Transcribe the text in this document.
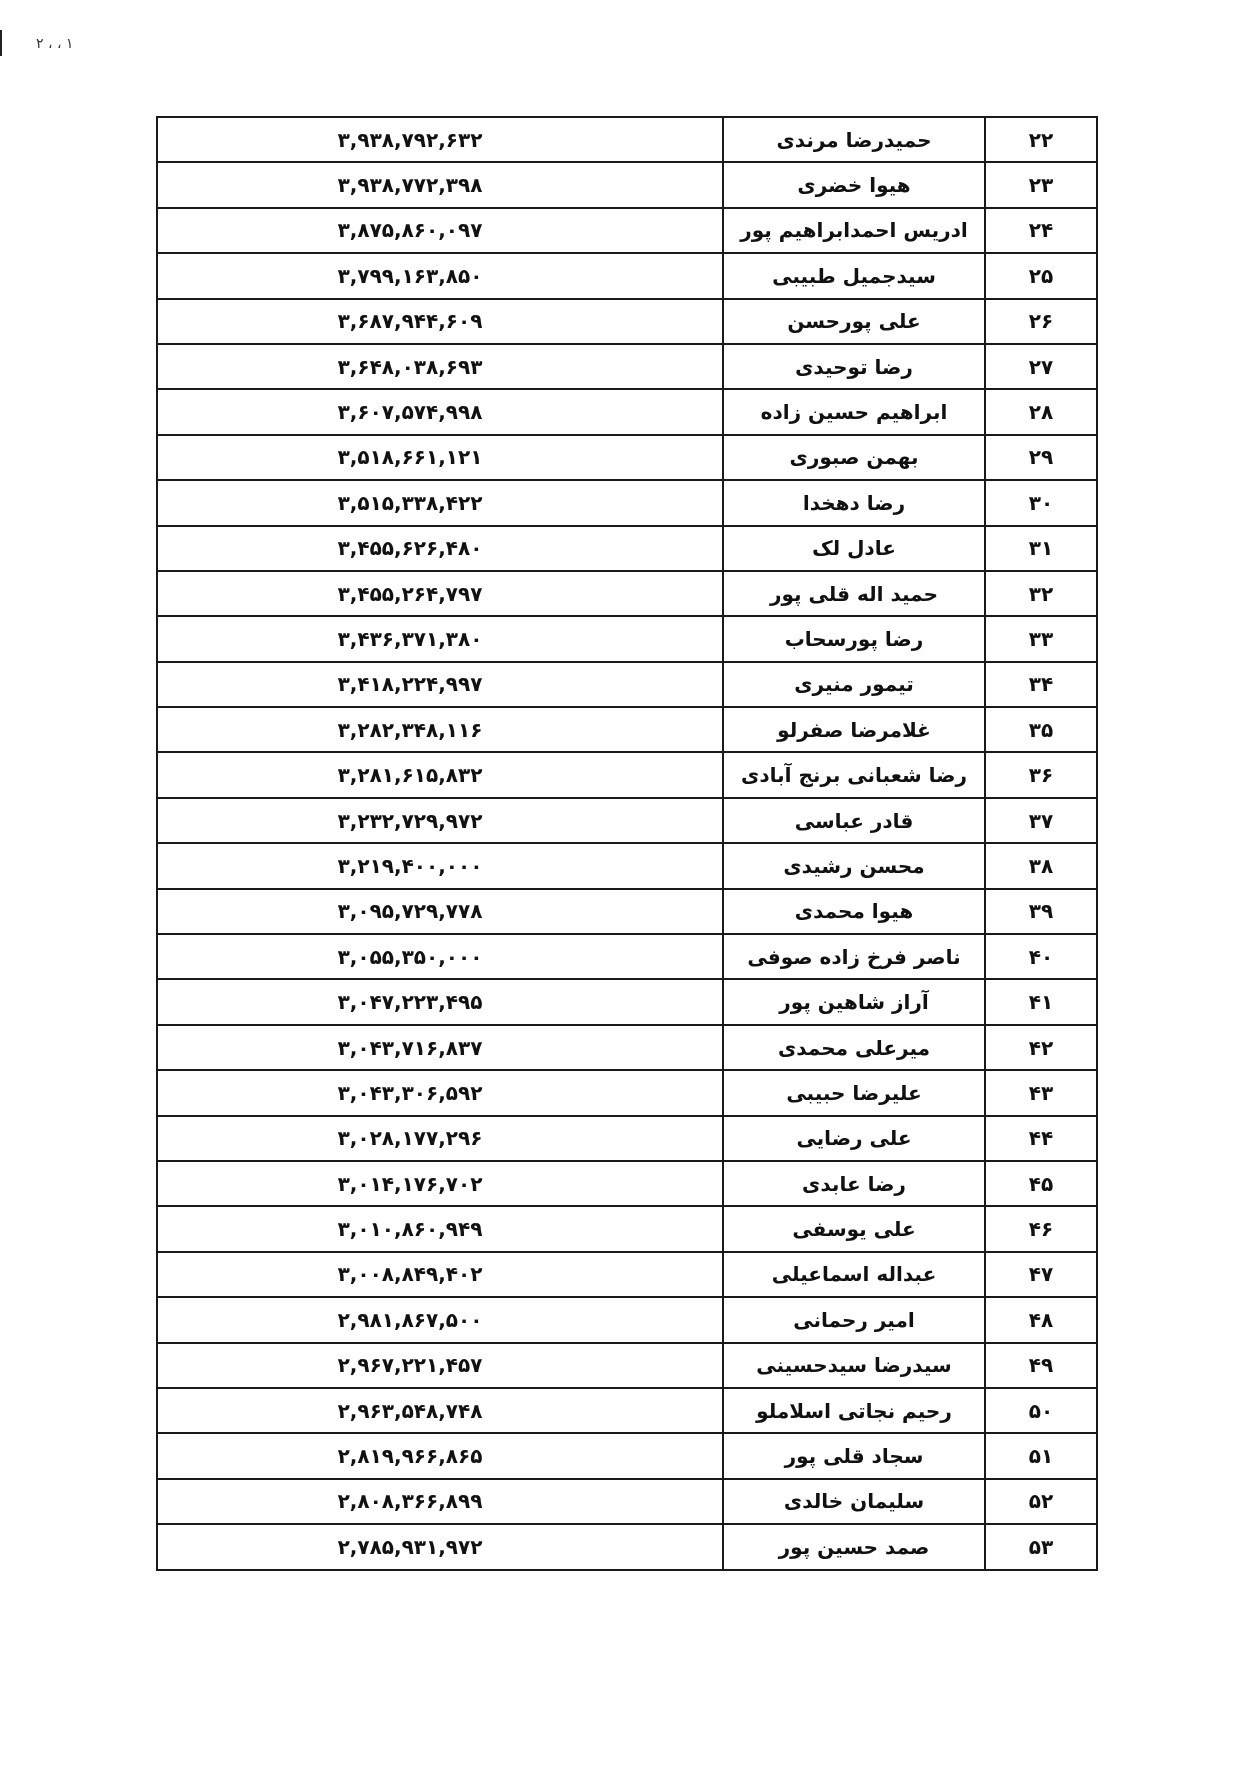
۲ ، ، ۱
۲۲	حمیدرضا مرندی	۳,۹۳۸,۷۹۲,۶۳۲
۲۳	هیوا خضری	۳,۹۳۸,۷۷۲,۳۹۸
۲۴	ادریس احمدابراهیم پور	۳,۸۷۵,۸۶۰,۰۹۷
۲۵	سیدجمیل طبیبی	۳,۷۹۹,۱۶۳,۸۵۰
۲۶	علی پورحسن	۳,۶۸۷,۹۴۴,۶۰۹
۲۷	رضا توحیدی	۳,۶۴۸,۰۳۸,۶۹۳
۲۸	ابراهیم حسین زاده	۳,۶۰۷,۵۷۴,۹۹۸
۲۹	بهمن صبوری	۳,۵۱۸,۶۶۱,۱۲۱
۳۰	رضا دهخدا	۳,۵۱۵,۳۳۸,۴۲۲
۳۱	عادل لک	۳,۴۵۵,۶۲۶,۴۸۰
۳۲	حمید اله قلی پور	۳,۴۵۵,۲۶۴,۷۹۷
۳۳	رضا پورسحاب	۳,۴۳۶,۳۷۱,۳۸۰
۳۴	تیمور منیری	۳,۴۱۸,۲۲۴,۹۹۷
۳۵	غلامرضا صفرلو	۳,۲۸۲,۳۴۸,۱۱۶
۳۶	رضا شعبانی برنج آبادی	۳,۲۸۱,۶۱۵,۸۳۲
۳۷	قادر عباسی	۳,۲۳۲,۷۲۹,۹۷۲
۳۸	محسن رشیدی	۳,۲۱۹,۴۰۰,۰۰۰
۳۹	هیوا محمدی	۳,۰۹۵,۷۲۹,۷۷۸
۴۰	ناصر فرخ زاده صوفی	۳,۰۵۵,۳۵۰,۰۰۰
۴۱	آراز شاهین پور	۳,۰۴۷,۲۲۳,۴۹۵
۴۲	میرعلی محمدی	۳,۰۴۳,۷۱۶,۸۳۷
۴۳	علیرضا حبیبی	۳,۰۴۳,۳۰۶,۵۹۲
۴۴	علی رضایی	۳,۰۲۸,۱۷۷,۲۹۶
۴۵	رضا عابدی	۳,۰۱۴,۱۷۶,۷۰۲
۴۶	علی یوسفی	۳,۰۱۰,۸۶۰,۹۴۹
۴۷	عبداله اسماعیلی	۳,۰۰۸,۸۴۹,۴۰۲
۴۸	امیر رحمانی	۲,۹۸۱,۸۶۷,۵۰۰
۴۹	سیدرضا سیدحسینی	۲,۹۶۷,۲۲۱,۴۵۷
۵۰	رحیم نجاتی اسلاملو	۲,۹۶۳,۵۴۸,۷۴۸
۵۱	سجاد قلی پور	۲,۸۱۹,۹۶۶,۸۶۵
۵۲	سلیمان خالدی	۲,۸۰۸,۳۶۶,۸۹۹
۵۳	صمد حسین پور	۲,۷۸۵,۹۳۱,۹۷۲
